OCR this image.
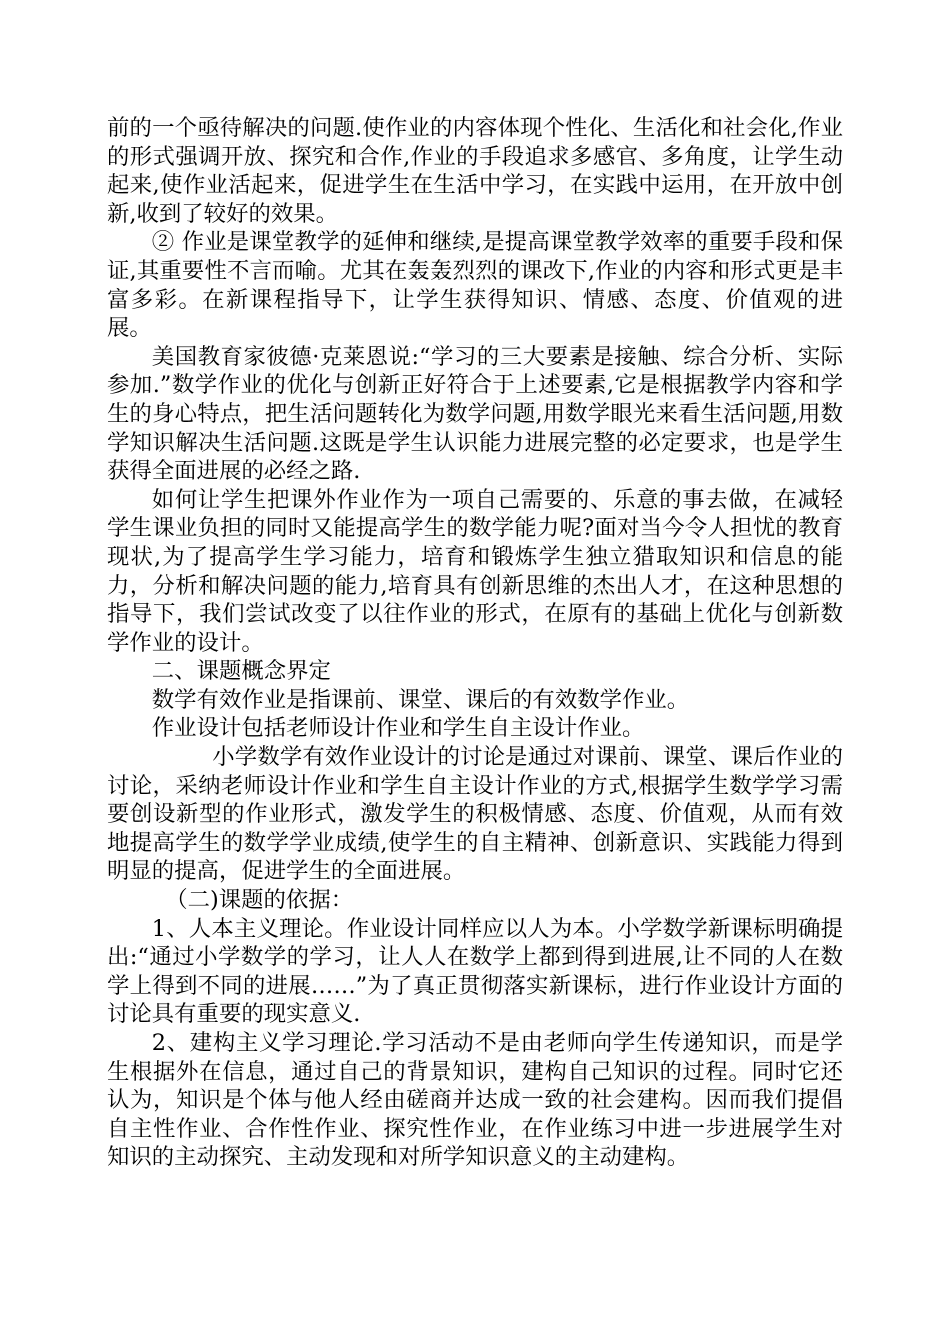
前的一个亟待解决的问题.使作业的内容体现个性化、生活化和社会化,作业的形式强调开放、探究和合作,作业的手段追求多感官、多角度，让学生动起来,使作业活起来，促进学生在生活中学习，在实践中运用，在开放中创新,收到了较好的效果。

② 作业是课堂教学的延伸和继续,是提高课堂教学效率的重要手段和保证,其重要性不言而喻。尤其在轰轰烈烈的课改下,作业的内容和形式更是丰富多彩。在新课程指导下，让学生获得知识、情感、态度、价值观的进展。

美国教育家彼德·克莱恩说:“学习的三大要素是接触、综合分析、实际参加.”数学作业的优化与创新正好符合于上述要素,它是根据教学内容和学生的身心特点，把生活问题转化为数学问题,用数学眼光来看生活问题,用数学知识解决生活问题.这既是学生认识能力进展完整的必定要求，也是学生获得全面进展的必经之路.

如何让学生把课外作业作为一项自己需要的、乐意的事去做，在减轻学生课业负担的同时又能提高学生的数学能力呢?面对当今令人担忧的教育现状,为了提高学生学习能力，培育和锻炼学生独立猎取知识和信息的能力，分析和解决问题的能力,培育具有创新思维的杰出人才，在这种思想的指导下，我们尝试改变了以往作业的形式，在原有的基础上优化与创新数学作业的设计。

二、课题概念界定

数学有效作业是指课前、课堂、课后的有效数学作业。

作业设计包括老师设计作业和学生自主设计作业。

小学数学有效作业设计的讨论是通过对课前、课堂、课后作业的讨论，采纳老师设计作业和学生自主设计作业的方式,根据学生数学学习需要创设新型的作业形式，激发学生的积极情感、态度、价值观，从而有效地提高学生的数学学业成绩,使学生的自主精神、创新意识、实践能力得到明显的提高，促进学生的全面进展。

（二)课题的依据：

1、人本主义理论。作业设计同样应以人为本。小学数学新课标明确提出:“通过小学数学的学习，让人人在数学上都到得到进展,让不同的人在数学上得到不同的进展……”为了真正贯彻落实新课标，进行作业设计方面的讨论具有重要的现实意义.

2、建构主义学习理论.学习活动不是由老师向学生传递知识，而是学生根据外在信息，通过自己的背景知识，建构自己知识的过程。同时它还认为，知识是个体与他人经由磋商并达成一致的社会建构。因而我们提倡自主性作业、合作性作业、探究性作业，在作业练习中进一步进展学生对知识的主动探究、主动发现和对所学知识意义的主动建构。
